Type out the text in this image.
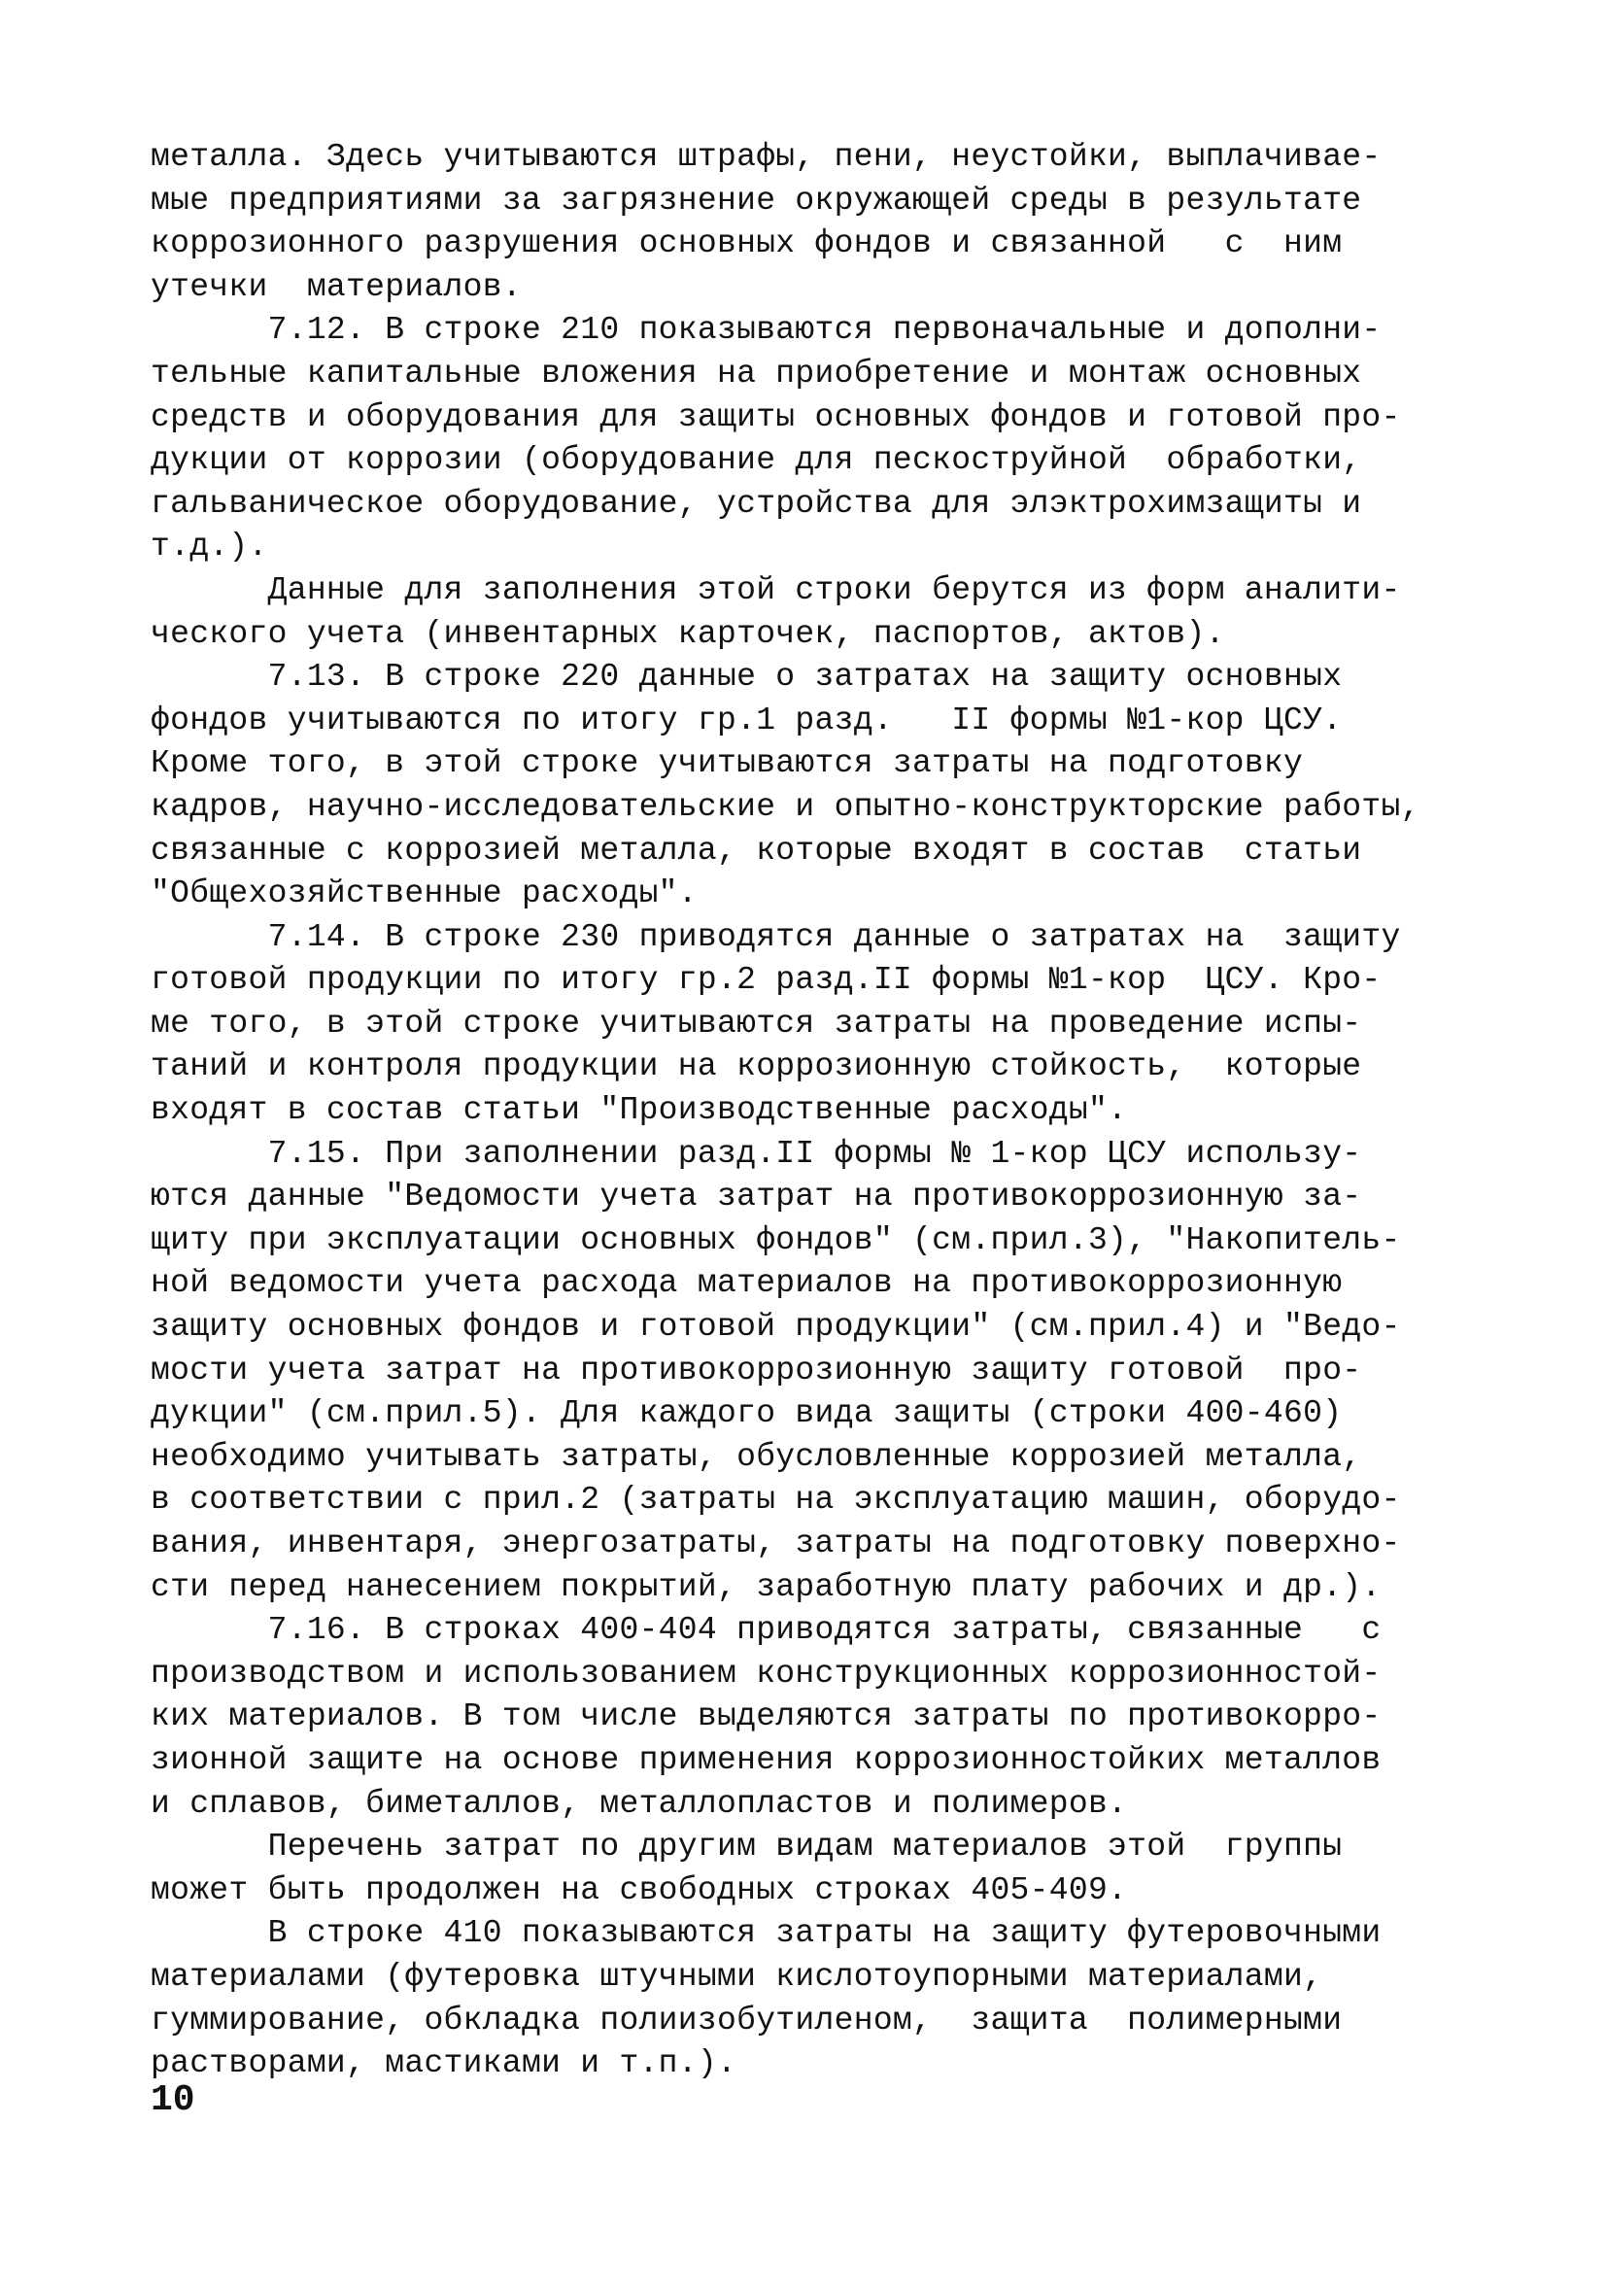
металла. Здесь учитываются штрафы, пени, неустойки, выплачивае-
мые предприятиями за загрязнение окружающей среды в результате
коррозионного разрушения основных фондов и связанной   с  ним
утечки  материалов.
7.12. В строке 210 показываются первоначальные и дополни-
тельные капитальные вложения на приобретение и монтаж основных
средств и оборудования для защиты основных фондов и готовой про-
дукции от коррозии (оборудование для пескоструйной  обработки,
гальваническое оборудование, устройства для элэктрохимзащиты и
т.д.).
Данные для заполнения этой строки берутся из форм аналити-
ческого учета (инвентарных карточек, паспортов, актов).
7.13. В строке 220 данные о затратах на защиту основных
фондов учитываются по итогу гр.1 разд.   II формы №1-кор ЦСУ.
Кроме того, в этой строке учитываются затраты на подготовку
кадров, научно-исследовательские и опытно-конструкторские работы,
связанные с коррозией металла, которые входят в состав  статьи
"Общехозяйственные расходы".
7.14. В строке 230 приводятся данные о затратах на  защиту
готовой продукции по итогу гр.2 разд.II формы №1-кор  ЦСУ. Кро-
ме того, в этой строке учитываются затраты на проведение испы-
таний и контроля продукции на коррозионную стойкость,  которые
входят в состав статьи "Производственные расходы".
7.15. При заполнении разд.II формы № 1-кор ЦСУ использу-
ются данные "Ведомости учета затрат на противокоррозионную за-
щиту при эксплуатации основных фондов" (см.прил.3), "Накопитель-
ной ведомости учета расхода материалов на противокоррозионную
защиту основных фондов и готовой продукции" (см.прил.4) и "Ведо-
мости учета затрат на противокоррозионную защиту готовой  про-
дукции" (см.прил.5). Для каждого вида защиты (строки 400-460)
необходимо учитывать затраты, обусловленные коррозией металла,
в соответствии с прил.2 (затраты на эксплуатацию машин, оборудо-
вания, инвентаря, энергозатраты, затраты на подготовку поверхно-
сти перед нанесением покрытий, заработную плату рабочих и др.).
7.16. В строках 400-404 приводятся затраты, связанные   с
производством и использованием конструкционных коррозионностой-
ких материалов. В том числе выделяются затраты по противокорро-
зионной защите на основе применения коррозионностойких металлов
и сплавов, биметаллов, металлопластов и полимеров.
Перечень затрат по другим видам материалов этой  группы
может быть продолжен на свободных строках 405-409.
В строке 410 показываются затраты на защиту футеровочными
материалами (футеровка штучными кислотоупорными материалами,
гуммирование, обкладка полиизобутиленом,  защита  полимерными
растворами, мастиками и т.п.).
10
